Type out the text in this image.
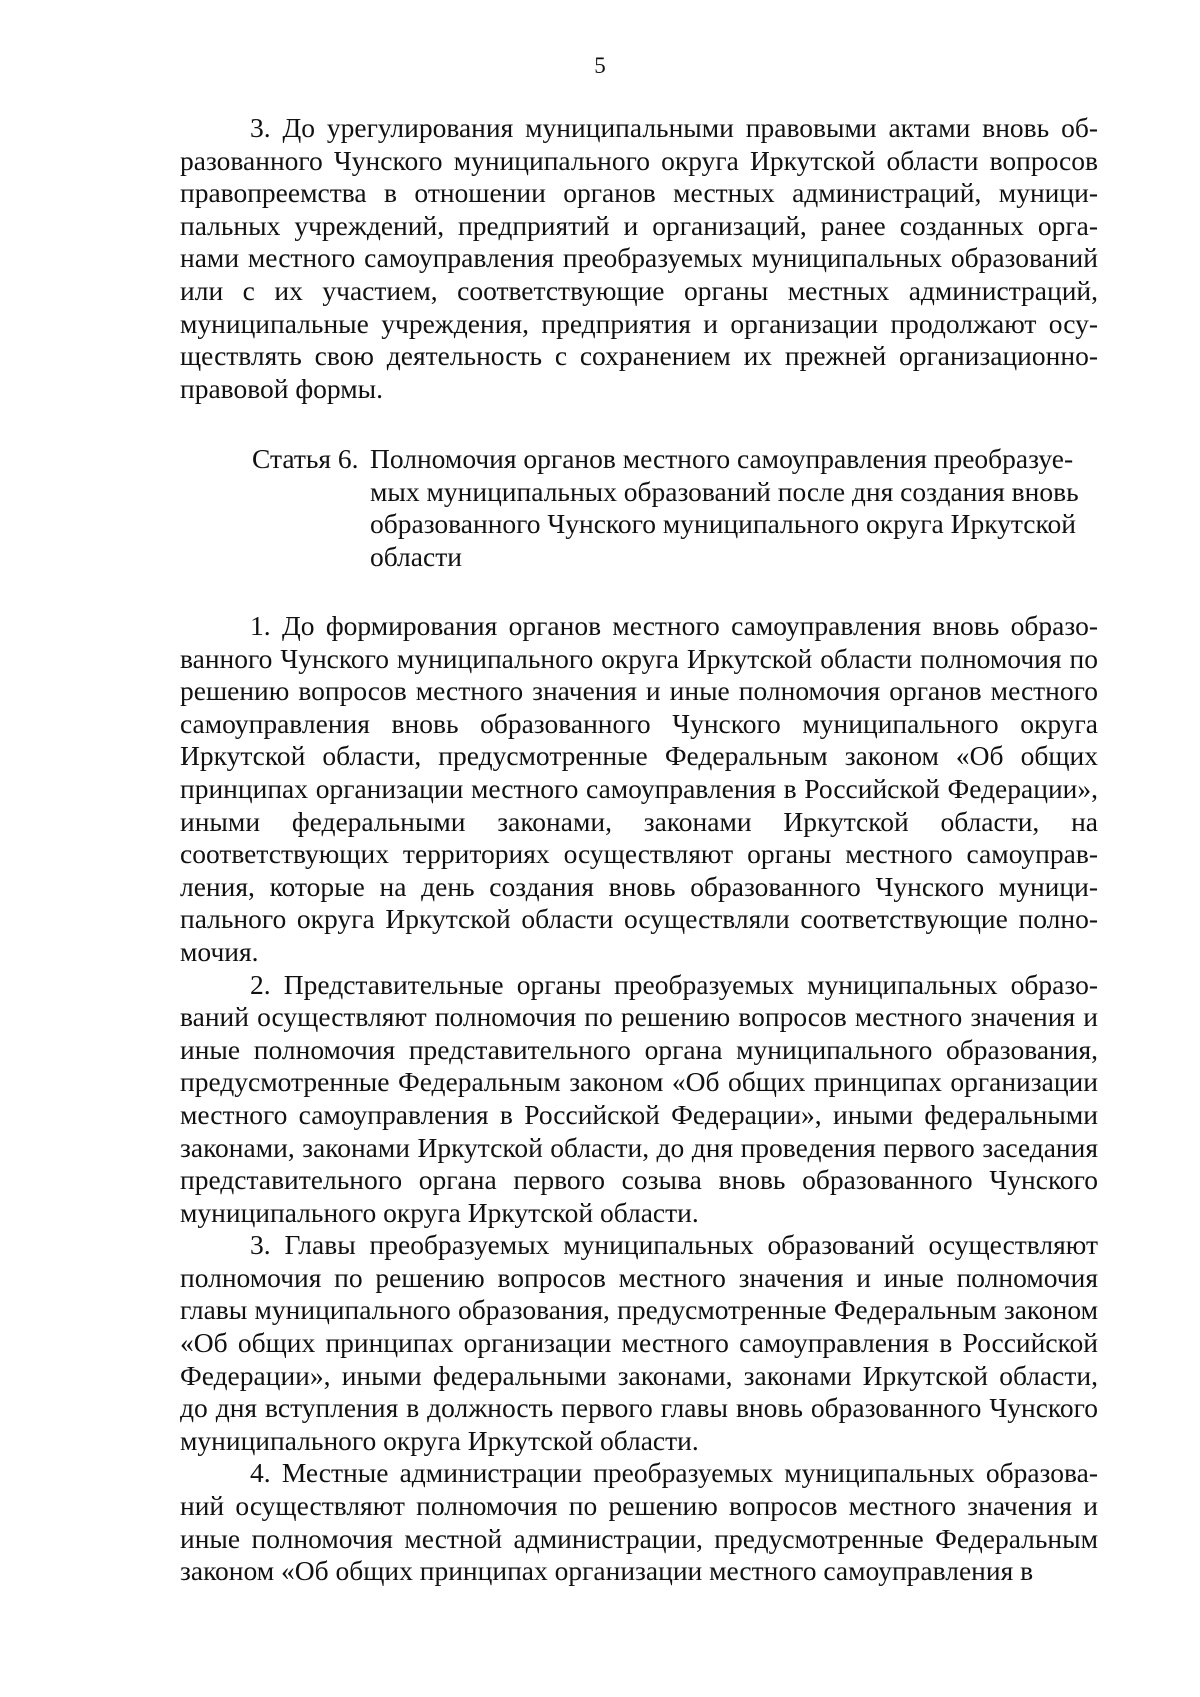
5

3. До урегулирования муниципальными правовыми актами вновь образованного Чунского муниципального округа Иркутской области вопросов правопреемства в отношении органов местных администраций, муниципальных учреждений, предприятий и организаций, ранее созданных органами местного самоуправления преобразуемых муниципальных образований или с их участием, соответствующие органы местных администраций, муниципальные учреждения, предприятия и организации продолжают осуществлять свою деятельность с сохранением их прежней организационно-правовой формы.

Статья 6. Полномочия органов местного самоуправления преобразуемых муниципальных образований после дня создания вновь образованного Чунского муниципального округа Иркутской области

1. До формирования органов местного самоуправления вновь образованного Чунского муниципального округа Иркутской области полномочия по решению вопросов местного значения и иные полномочия органов местного самоуправления вновь образованного Чунского муниципального округа Иркутской области, предусмотренные Федеральным законом «Об общих принципах организации местного самоуправления в Российской Федерации», иными федеральными законами, законами Иркутской области, на соответствующих территориях осуществляют органы местного самоуправления, которые на день создания вновь образованного Чунского муниципального округа Иркутской области осуществляли соответствующие полномочия.

2. Представительные органы преобразуемых муниципальных образований осуществляют полномочия по решению вопросов местного значения и иные полномочия представительного органа муниципального образования, предусмотренные Федеральным законом «Об общих принципах организации местного самоуправления в Российской Федерации», иными федеральными законами, законами Иркутской области, до дня проведения первого заседания представительного органа первого созыва вновь образованного Чунского муниципального округа Иркутской области.

3. Главы преобразуемых муниципальных образований осуществляют полномочия по решению вопросов местного значения и иные полномочия главы муниципального образования, предусмотренные Федеральным законом «Об общих принципах организации местного самоуправления в Российской Федерации», иными федеральными законами, законами Иркутской области, до дня вступления в должность первого главы вновь образованного Чунского муниципального округа Иркутской области.

4. Местные администрации преобразуемых муниципальных образований осуществляют полномочия по решению вопросов местного значения и иные полномочия местной администрации, предусмотренные Федеральным законом «Об общих принципах организации местного самоуправления в
